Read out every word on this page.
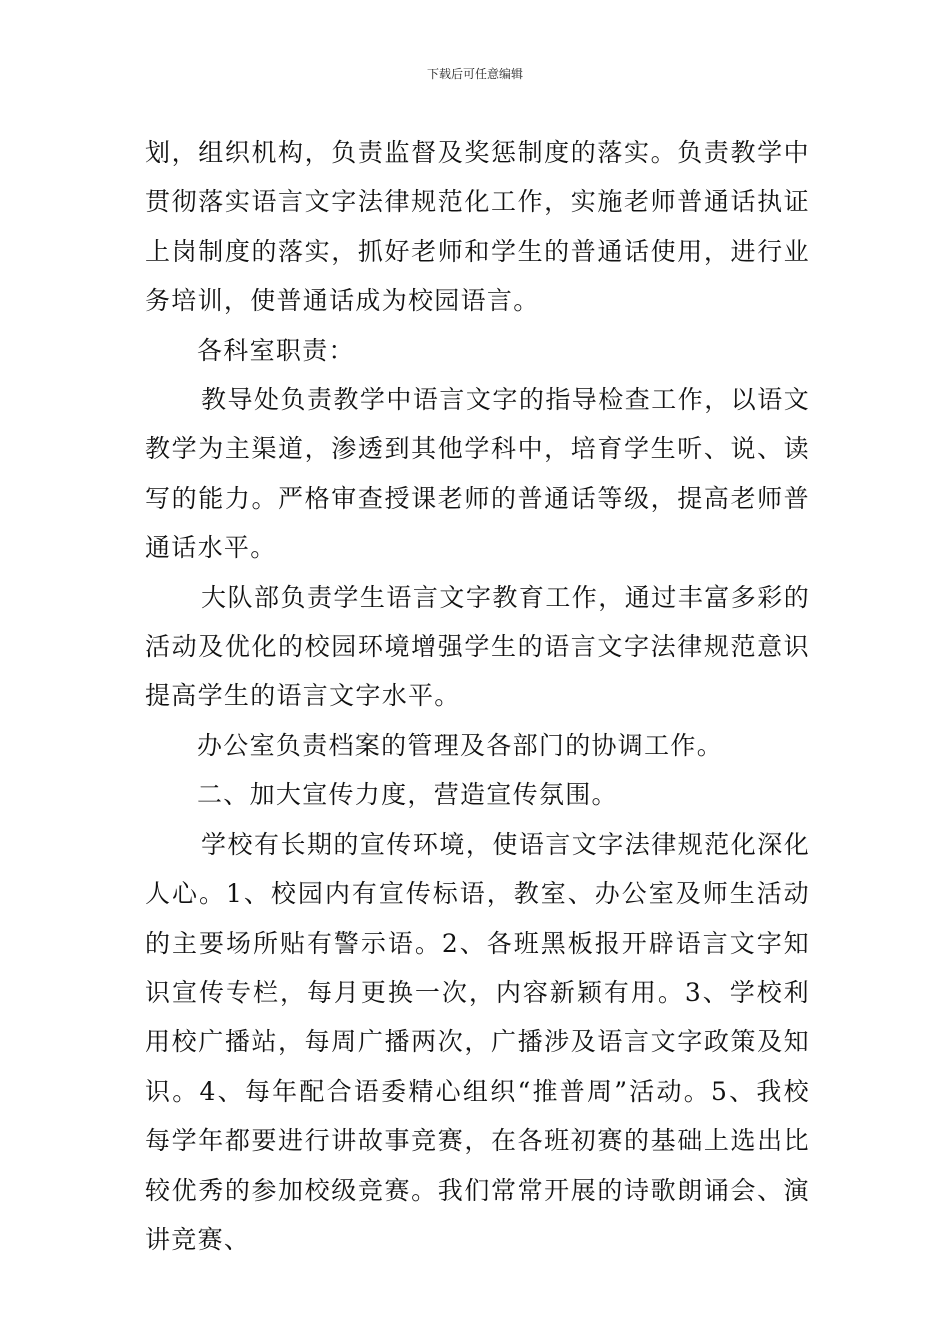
下载后可任意编辑

划，组织机构，负责监督及奖惩制度的落实。负责教学中贯彻落实语言文字法律规范化工作，实施老师普通话执证上岗制度的落实，抓好老师和学生的普通话使用，进行业务培训，使普通话成为校园语言。

各科室职责：

教导处负责教学中语言文字的指导检查工作，以语文教学为主渠道，渗透到其他学科中，培育学生听、说、读写的能力。严格审查授课老师的普通话等级，提高老师普通话水平。

大队部负责学生语言文字教育工作，通过丰富多彩的活动及优化的校园环境增强学生的语言文字法律规范意识提高学生的语言文字水平。

办公室负责档案的管理及各部门的协调工作。

二、加大宣传力度，营造宣传氛围。

学校有长期的宣传环境，使语言文字法律规范化深化人心。1、校园内有宣传标语，教室、办公室及师生活动的主要场所贴有警示语。2、各班黑板报开辟语言文字知识宣传专栏，每月更换一次，内容新颖有用。3、学校利用校广播站，每周广播两次，广播涉及语言文字政策及知识。4、每年配合语委精心组织“推普周”活动。5、我校每学年都要进行讲故事竞赛，在各班初赛的基础上选出比较优秀的参加校级竞赛。我们常常开展的诗歌朗诵会、演讲竞赛、
